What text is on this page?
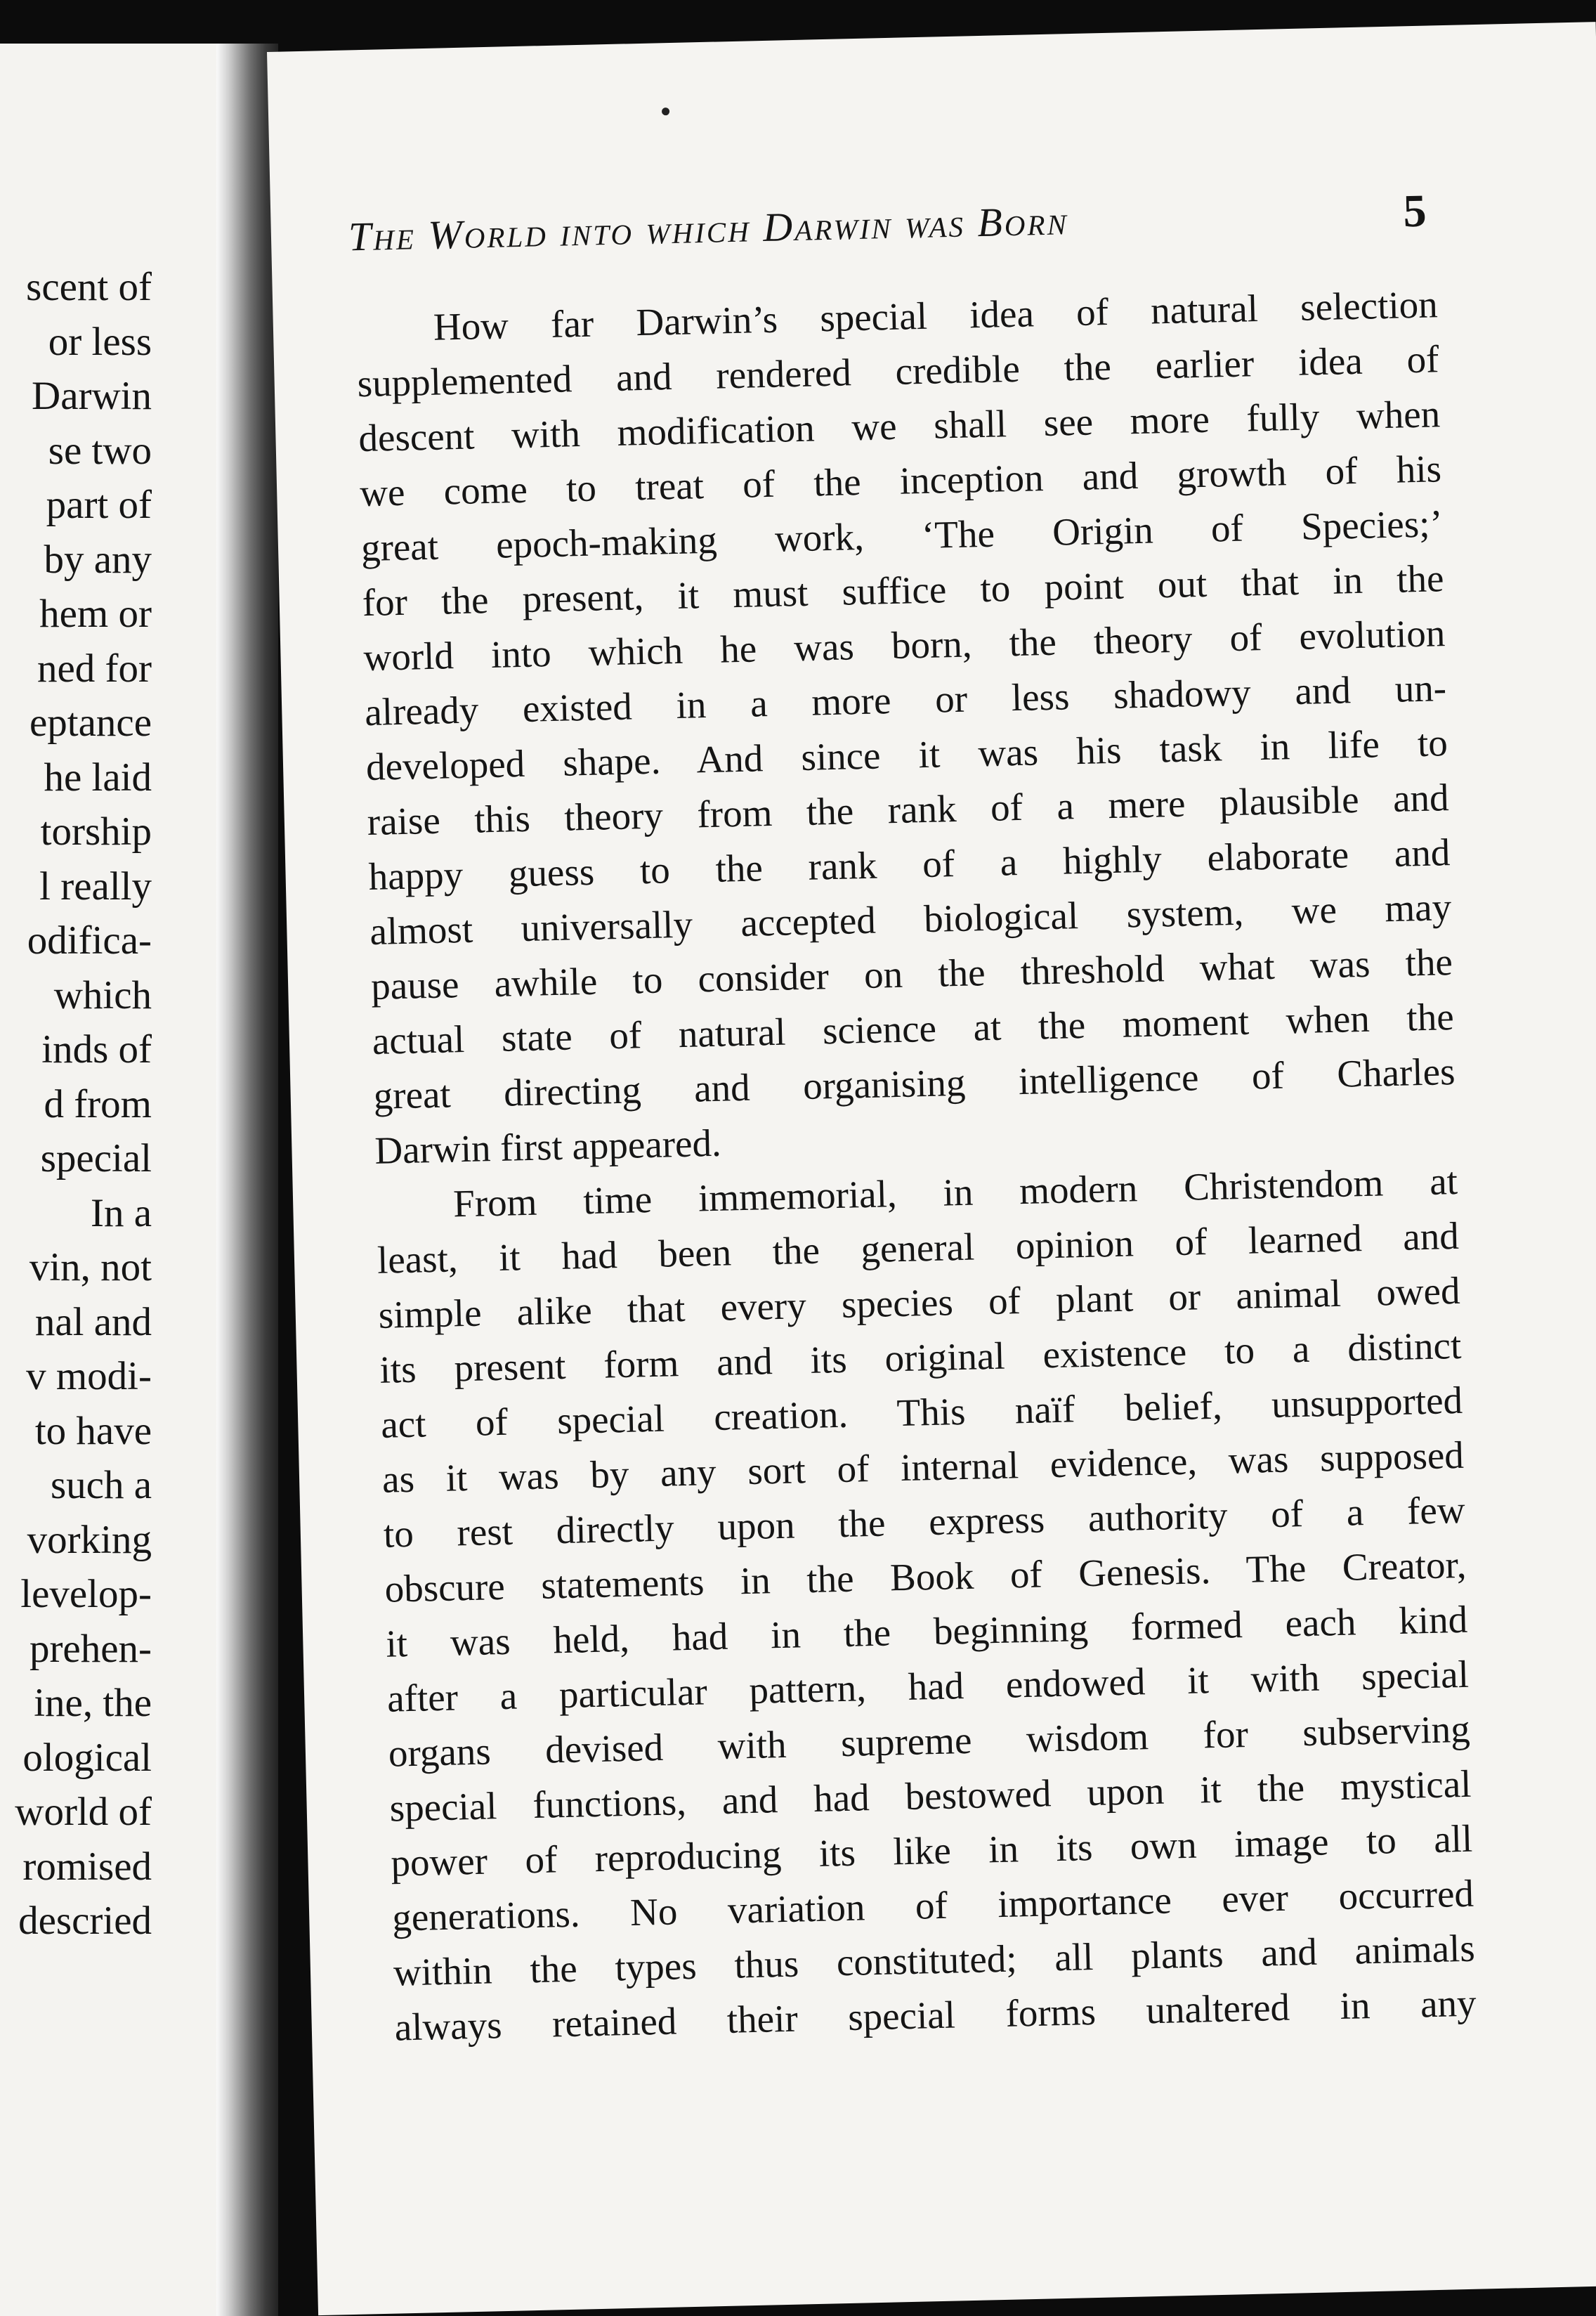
scent of
or less
Darwin
se two
part of
by any
hem or
ned for
eptance
he laid
torship
l really
odifica-
which
inds of
d from
special
In a
vin, not
nal and
v modi-
to have
such a
vorking
levelop-
prehen-
ine, the
ological
world of
romised
descried
The World into which Darwin was Born	5
How far Darwin’s special idea of natural selection
supplemented and rendered credible the earlier idea of
descent with modification we shall see more fully when
we come to treat of the inception and growth of his
great epoch-making work, ‘The Origin of Species;’
for the present, it must suffice to point out that in the
world into which he was born, the theory of evolution
already existed in a more or less shadowy and un-
developed shape. And since it was his task in life to
raise this theory from the rank of a mere plausible and
happy guess to the rank of a highly elaborate and
almost universally accepted biological system, we may
pause awhile to consider on the threshold what was the
actual state of natural science at the moment when the
great directing and organising intelligence of Charles
Darwin first appeared.
From time immemorial, in modern Christendom at
least, it had been the general opinion of learned and
simple alike that every species of plant or animal owed
its present form and its original existence to a distinct
act of special creation. This naïf belief, unsupported
as it was by any sort of internal evidence, was supposed
to rest directly upon the express authority of a few
obscure statements in the Book of Genesis. The Creator,
it was held, had in the beginning formed each kind
after a particular pattern, had endowed it with special
organs devised with supreme wisdom for subserving
special functions, and had bestowed upon it the mystical
power of reproducing its like in its own image to all
generations. No variation of importance ever occurred
within the types thus constituted; all plants and animals
always retained their special forms unaltered in any
